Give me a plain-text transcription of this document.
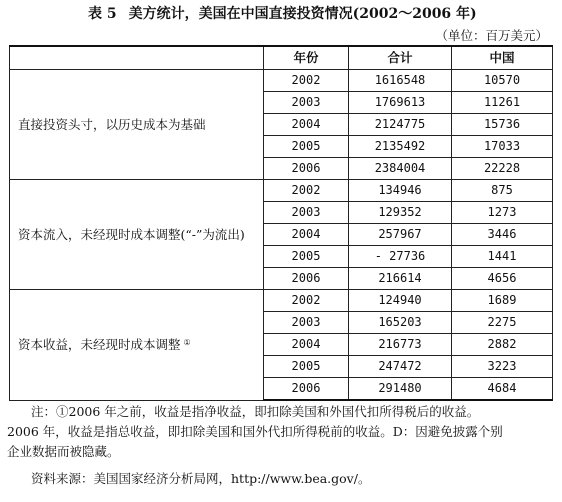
表 5 美方统计，美国在中国直接投资情况(2002～2006 年)
（单位：百万美元）
	年份	合计	中国
直接投资头寸，以历史成本为基础	2002	1616548	10570
	2003	1769613	11261
	2004	2124775	15736
	2005	2135492	17033
	2006	2384004	22228
资本流入，未经现时成本调整(“-”为流出)	2002	134946	875
	2003	129352	1273
	2004	257967	3446
	2005	- 27736	1441
	2006	216614	4656
资本收益，未经现时成本调整 ①	2002	124940	1689
	2003	165203	2275
	2004	216773	2882
	2005	247472	3223
	2006	291480	4684

注：①2006 年之前，收益是指净收益，即扣除美国和外国代扣所得税后的收益。

2006 年，收益是指总收益，即扣除美国和国外代扣所得税前的收益。D：因避免披露个别

企业数据而被隐藏。

资料来源：美国国家经济分析局网，http://www.bea.gov/。
